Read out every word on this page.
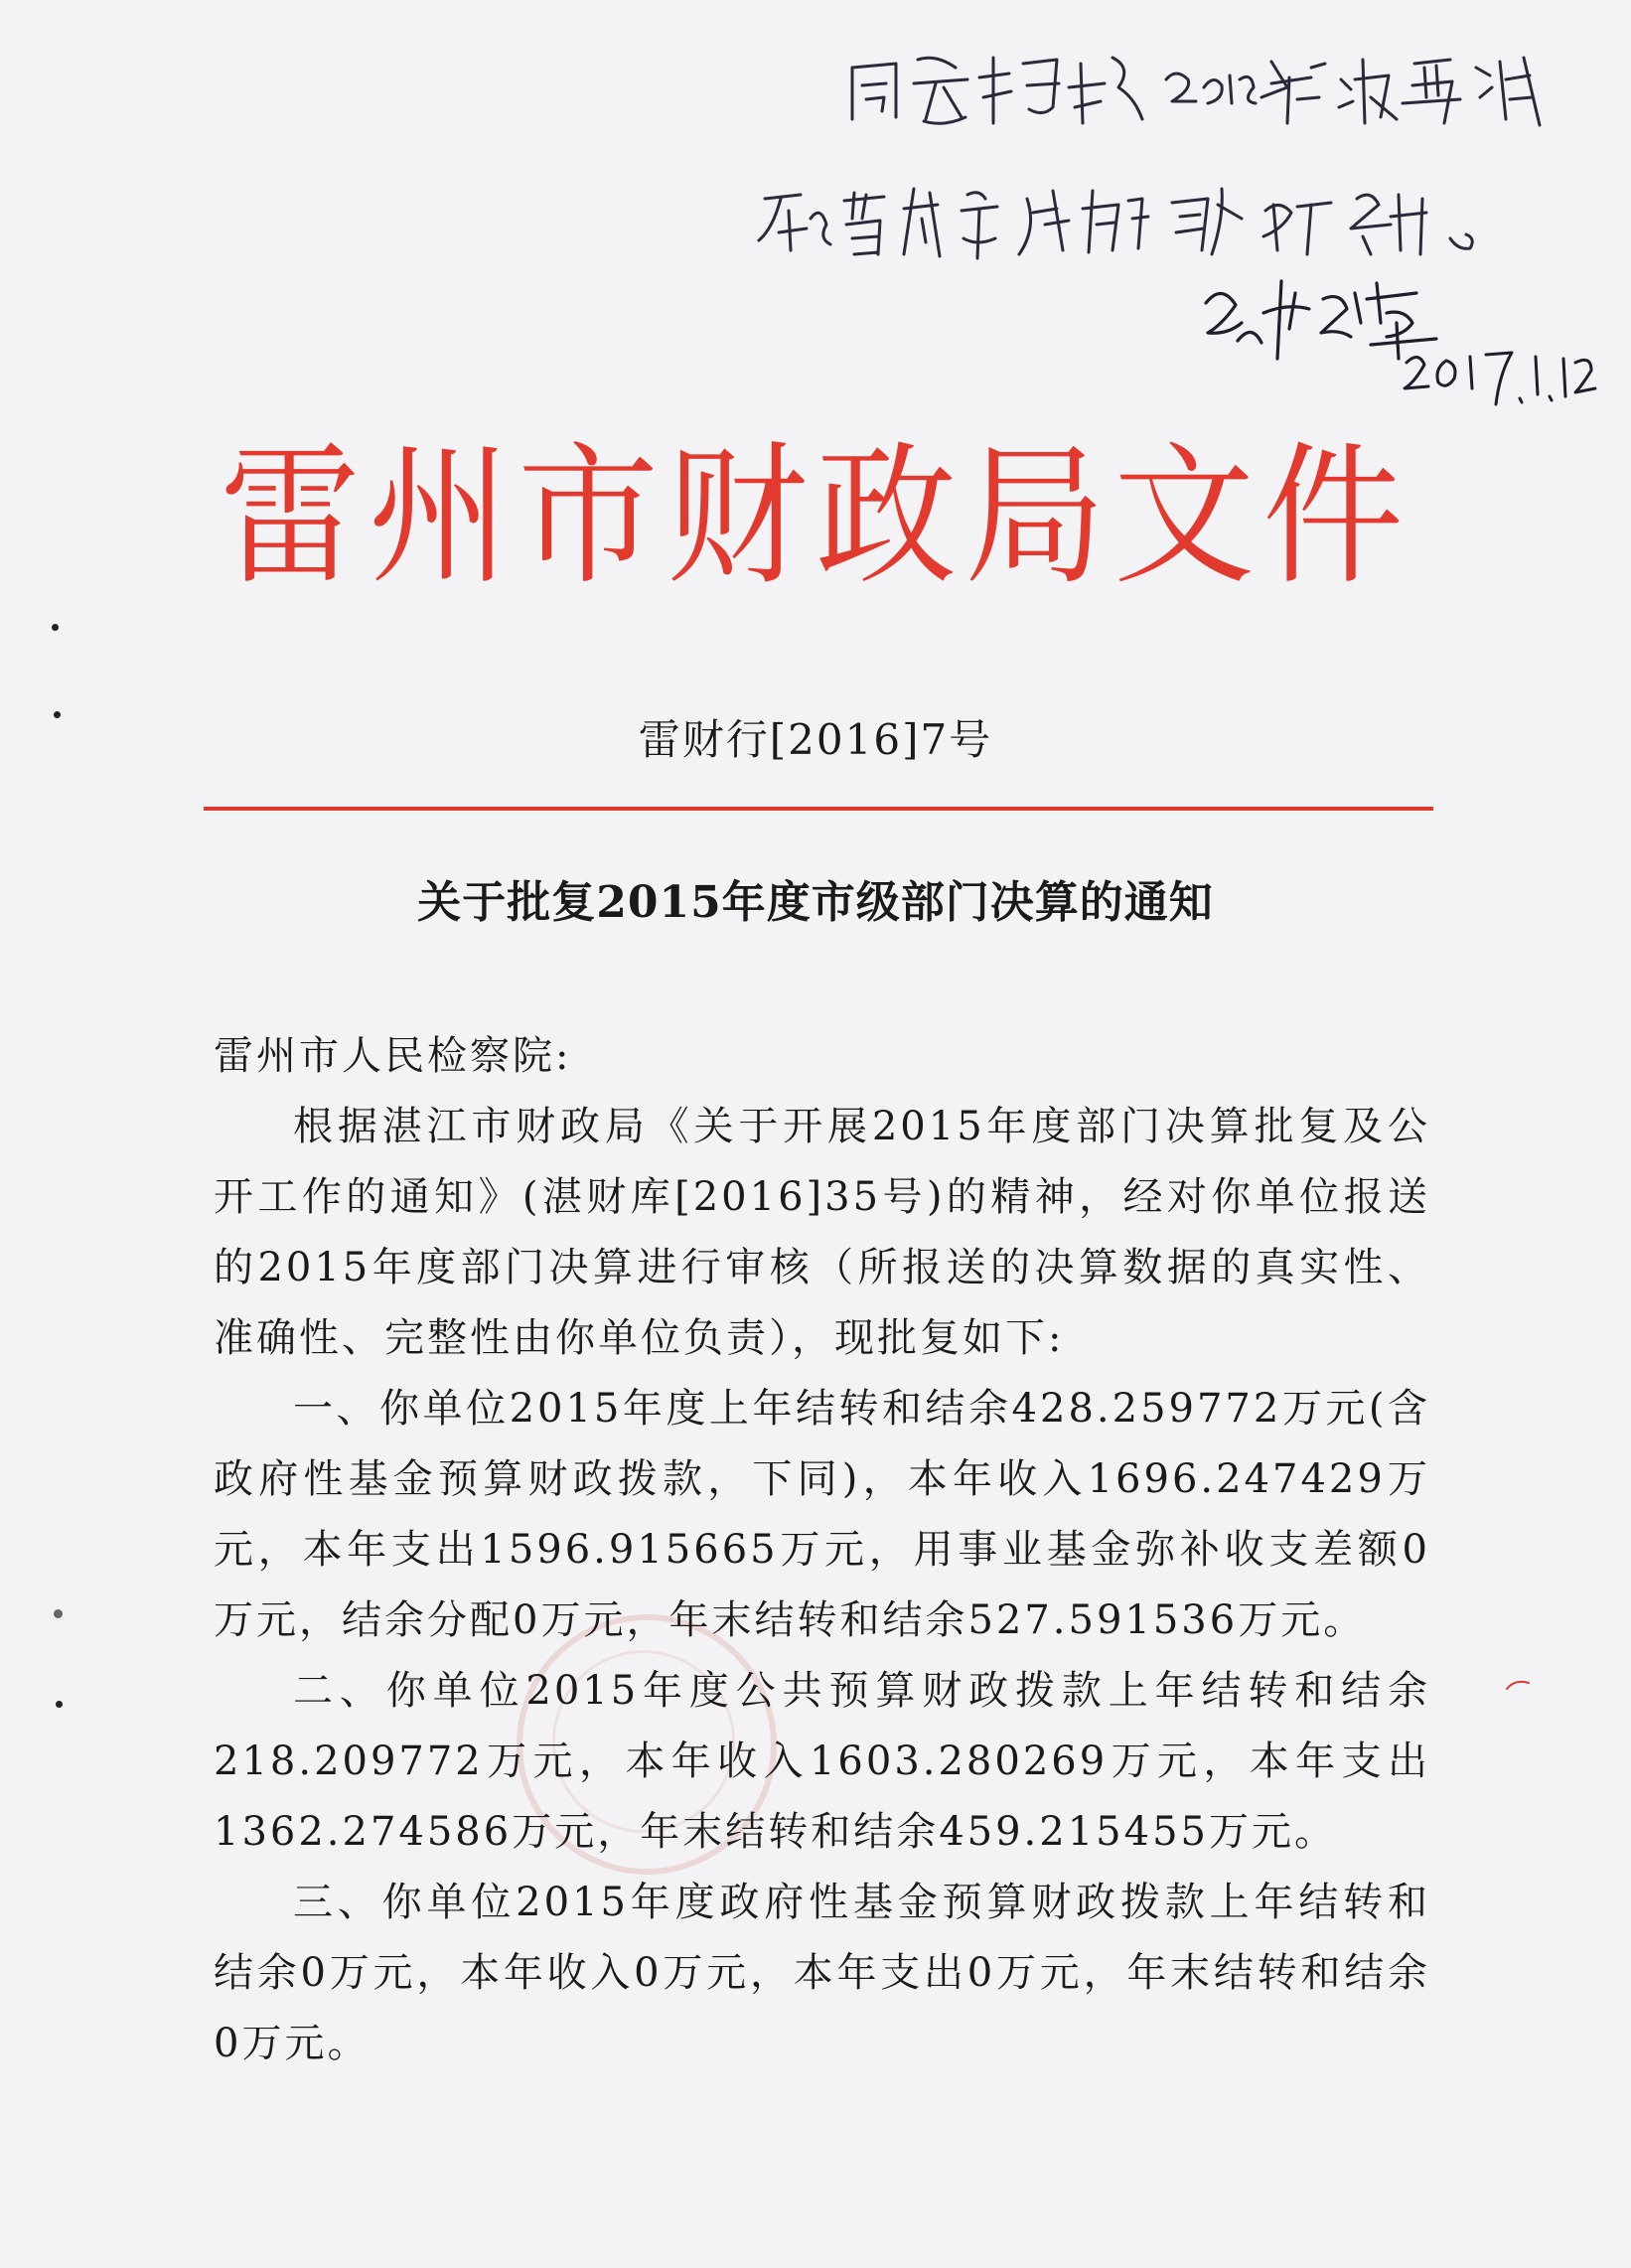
雷州市财政局文件
雷财行[2016]7号
关于批复2015年度市级部门决算的通知

雷州市人民检察院:

根据湛江市财政局《关于开展2015年度部门决算批复及公开工作的通知》(湛财库[2016]35号)的精神，经对你单位报送的2015年度部门决算进行审核（所报送的决算数据的真实性、准确性、完整性由你单位负责），现批复如下:

一、你单位2015年度上年结转和结余428.259772万元(含政府性基金预算财政拨款，下同)，本年收入1696.247429万元，本年支出1596.915665万元，用事业基金弥补收支差额0万元，结余分配0万元，年末结转和结余527.591536万元。

二、你单位2015年度公共预算财政拨款上年结转和结余218.209772万元，本年收入1603.280269万元，本年支出1362.274586万元，年末结转和结余459.215455万元。

三、你单位2015年度政府性基金预算财政拨款上年结转和结余0万元，本年收入0万元，本年支出0万元，年末结转和结余0万元。
